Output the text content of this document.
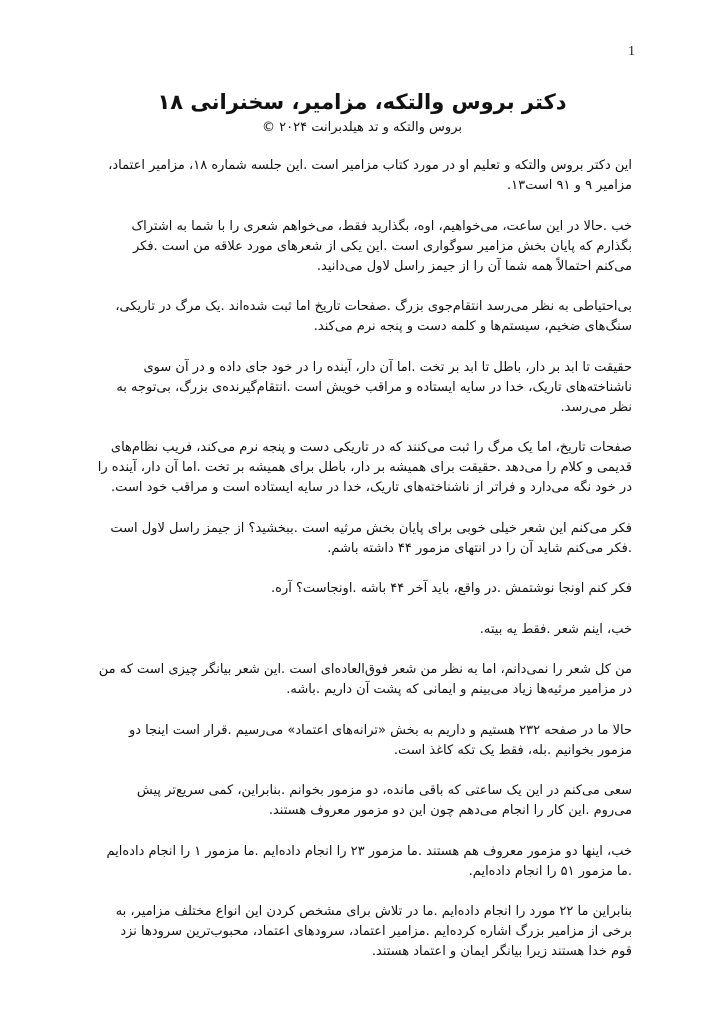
1

دکتر بروس والتکه، مزامیر، سخنرانی ۱۸

بروس والتکه و تد هیلدبرانت ۲۰۲۴ ©

این دکتر بروس والتکه و تعلیم او در مورد کتاب مزامیر است .این جلسه شماره ۱۸، مزامیر اعتماد، مزامیر ۹ و ۹۱ است۱۳.

خب .حالا در این ساعت، می‌خواهیم، اوه، بگذارید فقط، می‌خواهم شعری را با شما به اشتراک بگذارم که پایان بخش مزامیر سوگواری است .این یکی از شعرهای مورد علاقه من است .فکر می‌کنم احتمالاً همه شما آن را از جیمز راسل لاول می‌دانید.

بی‌احتیاطی به نظر می‌رسد انتقام‌جوی بزرگ .صفحات تاریخ اما ثبت شده‌اند .یک مرگ در تاریکی، سنگ‌های ضخیم، سیستم‌ها و کلمه دست و پنجه نرم می‌کند.

حقیقت تا ابد بر دار، باطل تا ابد بر تخت .اما آن دار، آینده را در خود جای داده و در آن سوی ناشناخته‌های تاریک، خدا در سایه ایستاده و مراقب خویش است .انتقام‌گیرنده‌ی بزرگ، بی‌توجه به نظر می‌رسد.

صفحات تاریخ، اما یک مرگ را ثبت می‌کنند که در تاریکی دست و پنجه نرم می‌کند، فریب نظام‌های قدیمی و کلام را می‌دهد .حقیقت برای همیشه بر دار، باطل برای همیشه بر تخت .اما آن دار، آینده را در خود نگه می‌دارد و فراتر از ناشناخته‌های تاریک، خدا در سایه ایستاده است و مراقب خود است.

فکر می‌کنم این شعر خیلی خوبی برای پایان بخش مرثیه است .ببخشید؟ از جیمز راسل لاول است .فکر می‌کنم شاید آن را در انتهای مزمور ۴۴ داشته باشم.

فکر کنم اونجا نوشتمش .در واقع، باید آخر ۴۴ باشه .اونجاست؟ آره.

خب، اینم شعر .فقط یه بیته.

من کل شعر را نمی‌دانم، اما به نظر من شعر فوق‌العاده‌ای است .این شعر بیانگر چیزی است که من در مزامیر مرثیه‌ها زیاد می‌بینم و ایمانی که پشت آن داریم .باشه.

حالا ما در صفحه ۲۳۲ هستیم و داریم به بخش «ترانه‌های اعتماد» می‌رسیم .قرار است اینجا دو مزمور بخوانیم .بله، فقط یک تکه کاغذ است.

سعی می‌کنم در این یک ساعتی که باقی مانده، دو مزمور بخوانم .بنابراین، کمی سریع‌تر پیش می‌روم .این کار را انجام می‌دهم چون این دو مزمور معروف هستند.

خب، اینها دو مزمور معروف هم هستند .ما مزمور ۲۳ را انجام داده‌ایم .ما مزمور ۱ را انجام داده‌ایم .ما مزمور ۵۱ را انجام داده‌ایم.

بنابراین ما ۲۲ مورد را انجام داده‌ایم .ما در تلاش برای مشخص کردن این انواع مختلف مزامیر، به برخی از مزامیر بزرگ اشاره کرده‌ایم .مزامیر اعتماد، سرودهای اعتماد، محبوب‌ترین سرودها نزد قوم خدا هستند زیرا بیانگر ایمان و اعتماد هستند.
